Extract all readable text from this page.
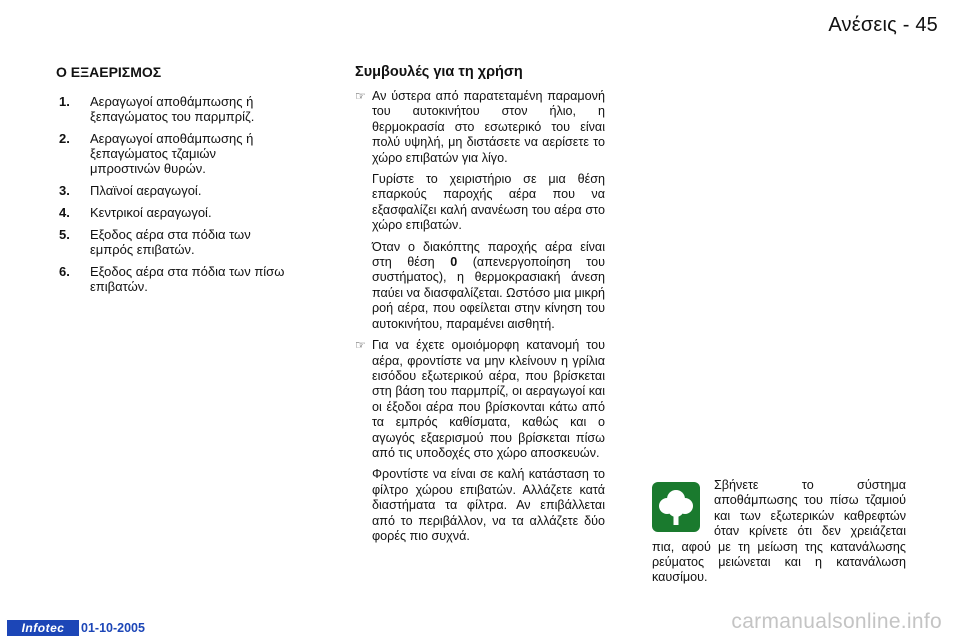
Ανέσεις - 45
Ο ΕΞΑΕΡΙΣΜΟΣ
1. Αεραγωγοί αποθάμπωσης ή ξεπαγώματος του παρμπρίζ.
2. Αεραγωγοί αποθάμπωσης ή ξεπαγώματος τζαμιών μπροστινών θυρών.
3. Πλαϊνοί αεραγωγοί.
4. Κεντρικοί αεραγωγοί.
5. Εξοδος αέρα στα πόδια των εμπρός επιβατών.
6. Εξοδος αέρα στα πόδια των πίσω επιβατών.
Συμβουλές για τη χρήση
☞ Αν ύστερα από παρατεταμένη παραμονή του αυτοκινήτου στον ήλιο, η θερμοκρασία στο εσωτερικό του είναι πολύ υψηλή, μη διστάσετε να αερίσετε το χώρο επιβατών για λίγο.

Γυρίστε το χειριστήριο σε μια θέση επαρκούς παροχής αέρα που να εξασφαλίζει καλή ανανέωση του αέρα στο χώρο επιβατών.

Όταν ο διακόπτης παροχής αέρα είναι στη θέση 0 (απενεργοποίηση του συστήματος), η θερμοκρασιακή άνεση παύει να διασφαλίζεται. Ωστόσο μια μικρή ροή αέρα, που οφείλεται στην κίνηση του αυτοκινήτου, παραμένει αισθητή.

☞ Για να έχετε ομοιόμορφη κατανομή του αέρα, φροντίστε να μην κλείνουν η γρίλια εισόδου εξωτερικού αέρα, που βρίσκεται στη βάση του παρμπρίζ, οι αεραγωγοί και οι έξοδοι αέρα που βρίσκονται κάτω από τα εμπρός καθίσματα, καθώς και ο αγωγός εξαερισμού που βρίσκεται πίσω από τις υποδοχές στο χώρο αποσκευών.

Φροντίστε να είναι σε καλή κατάσταση το φίλτρο χώρου επιβατών. Αλλάζετε κατά διαστήματα τα φίλτρα. Αν επιβάλλεται από το περιβάλλον, να τα αλλάζετε δύο φορές πιο συχνά.

Σβήνετε το σύστημα αποθάμπωσης του πίσω τζαμιού και των εξωτερικών καθρεφτών όταν κρίνετε ότι δεν χρειάζεται πια, αφού με τη μείωση της κατανάλωσης ρεύματος μειώνεται και η κατανάλωση καυσίμου.
Infotec	01-10-2005	carmanualsonline.info
